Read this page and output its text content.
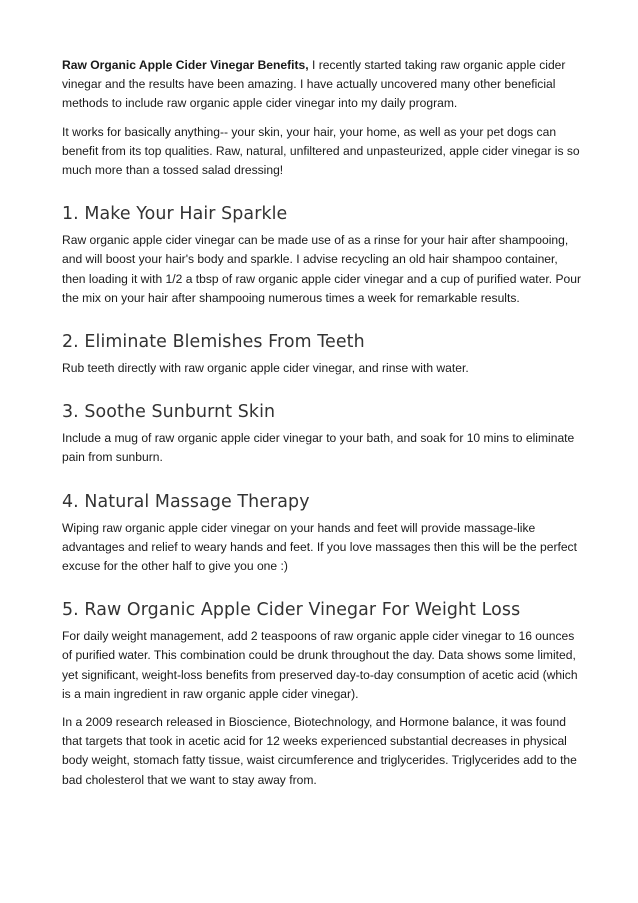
Raw Organic Apple Cider Vinegar Benefits, I recently started taking raw organic apple cider vinegar and the results have been amazing. I have actually uncovered many other beneficial methods to include raw organic apple cider vinegar into my daily program.

It works for basically anything-- your skin, your hair, your home, as well as your pet dogs can benefit from its top qualities. Raw, natural, unfiltered and unpasteurized, apple cider vinegar is so much more than a tossed salad dressing!

1. Make Your Hair Sparkle

Raw organic apple cider vinegar can be made use of as a rinse for your hair after shampooing, and will boost your hair's body and sparkle. I advise recycling an old hair shampoo container, then loading it with 1/2 a tbsp of raw organic apple cider vinegar and a cup of purified water. Pour the mix on your hair after shampooing numerous times a week for remarkable results.

2. Eliminate Blemishes From Teeth

Rub teeth directly with raw organic apple cider vinegar, and rinse with water.

3. Soothe Sunburnt Skin

Include a mug of raw organic apple cider vinegar to your bath, and soak for 10 mins to eliminate pain from sunburn.

4. Natural Massage Therapy

Wiping raw organic apple cider vinegar on your hands and feet will provide massage-like advantages and relief to weary hands and feet. If you love massages then this will be the perfect excuse for the other half to give you one :)

5. Raw Organic Apple Cider Vinegar For Weight Loss

For daily weight management, add 2 teaspoons of raw organic apple cider vinegar to 16 ounces of purified water. This combination could be drunk throughout the day. Data shows some limited, yet significant, weight-loss benefits from preserved day-to-day consumption of acetic acid (which is a main ingredient in raw organic apple cider vinegar).

In a 2009 research released in Bioscience, Biotechnology, and Hormone balance, it was found that targets that took in acetic acid for 12 weeks experienced substantial decreases in physical body weight, stomach fatty tissue, waist circumference and triglycerides. Triglycerides add to the bad cholesterol that we want to stay away from.
